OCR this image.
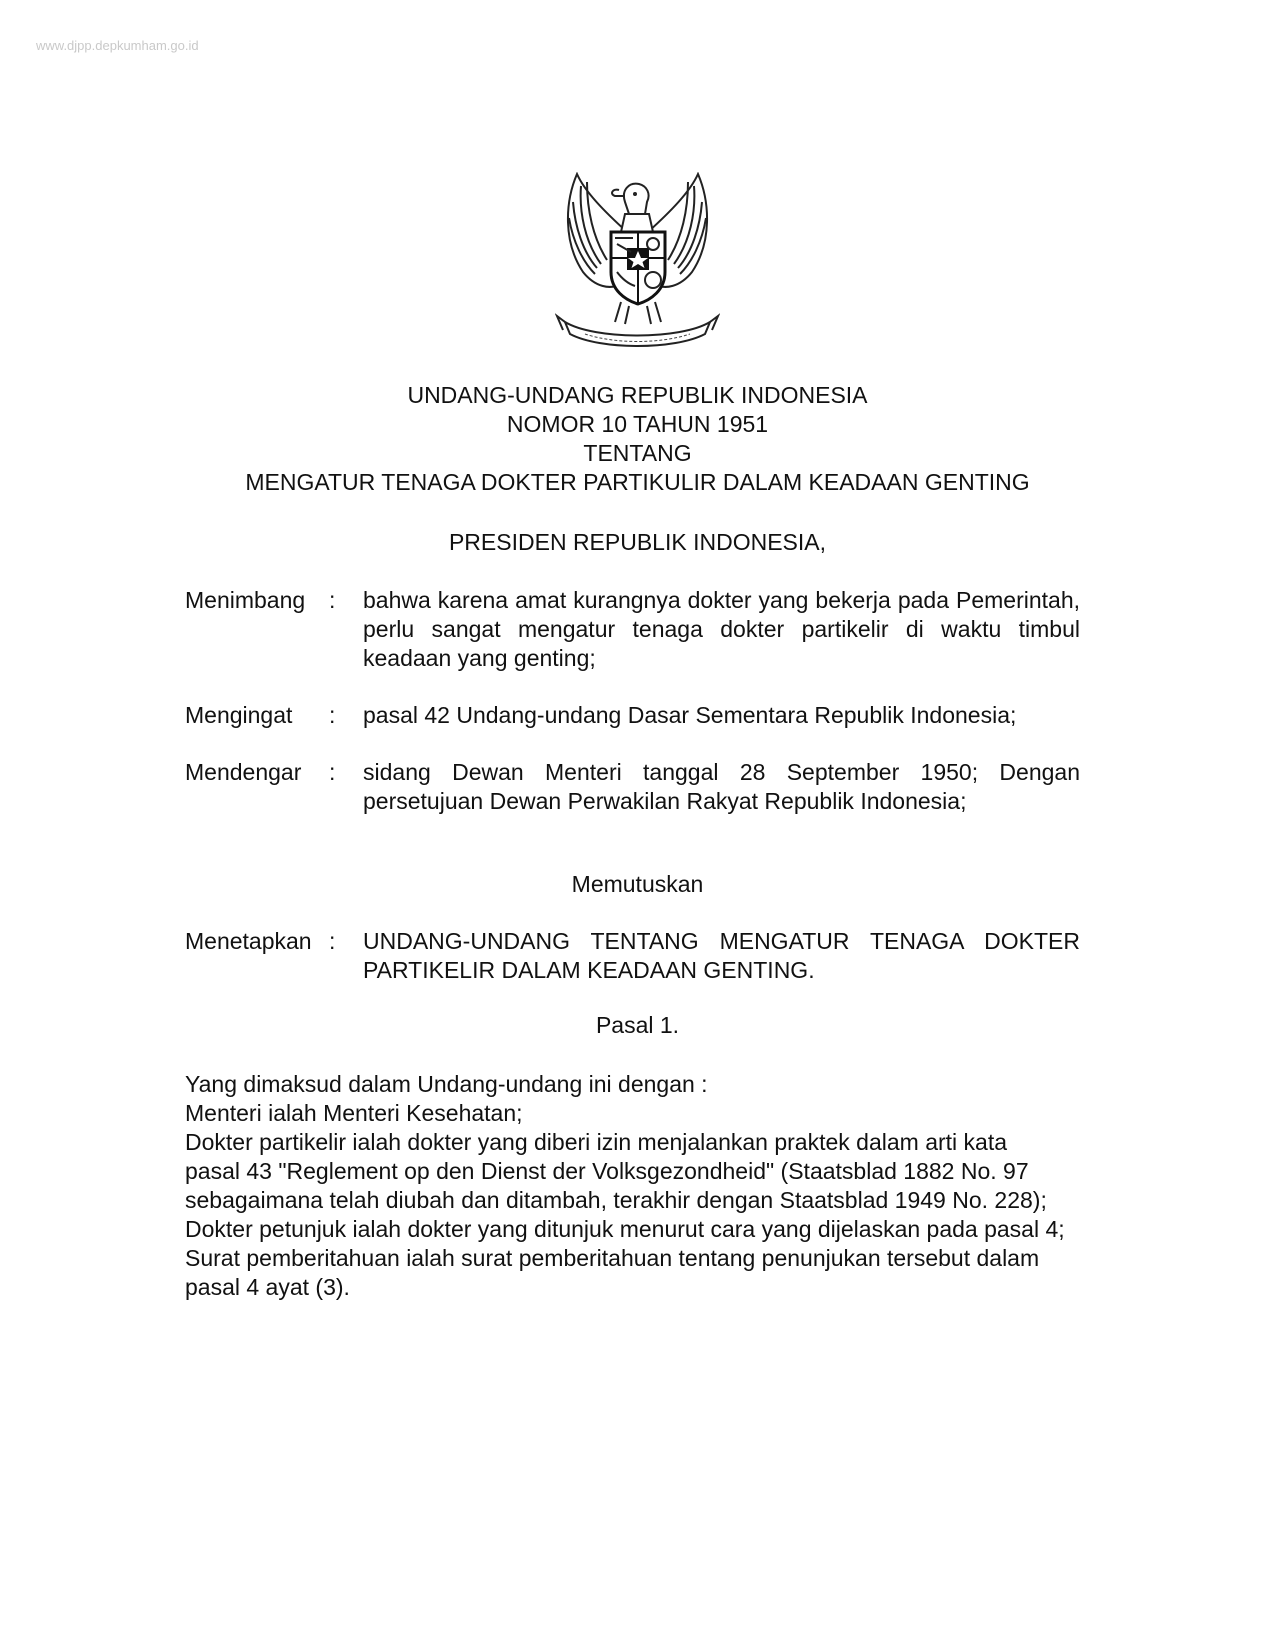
www.djpp.depkumham.go.id
UNDANG-UNDANG REPUBLIK INDONESIA
NOMOR 10 TAHUN 1951
TENTANG
MENGATUR TENAGA DOKTER PARTIKULIR DALAM KEADAAN GENTING
PRESIDEN REPUBLIK INDONESIA,
Menimbang : bahwa karena amat kurangnya dokter yang bekerja pada Pemerintah, perlu sangat mengatur tenaga dokter partikelir di waktu timbul keadaan yang genting;
Mengingat : pasal 42 Undang-undang Dasar Sementara Republik Indonesia;
Mendengar : sidang Dewan Menteri tanggal 28 September 1950; Dengan persetujuan Dewan Perwakilan Rakyat Republik Indonesia;
Memutuskan
Menetapkan : UNDANG-UNDANG TENTANG MENGATUR TENAGA DOKTER PARTIKELIR DALAM KEADAAN GENTING.
Pasal 1.
Yang dimaksud dalam Undang-undang ini dengan :
Menteri ialah Menteri Kesehatan;
Dokter partikelir ialah dokter yang diberi izin menjalankan praktek dalam arti kata pasal 43 "Reglement op den Dienst der Volksgezondheid" (Staatsblad 1882 No. 97 sebagaimana telah diubah dan ditambah, terakhir dengan Staatsblad 1949 No. 228);
Dokter petunjuk ialah dokter yang ditunjuk menurut cara yang dijelaskan pada pasal 4;
Surat pemberitahuan ialah surat pemberitahuan tentang penunjukan tersebut dalam pasal 4 ayat (3).
